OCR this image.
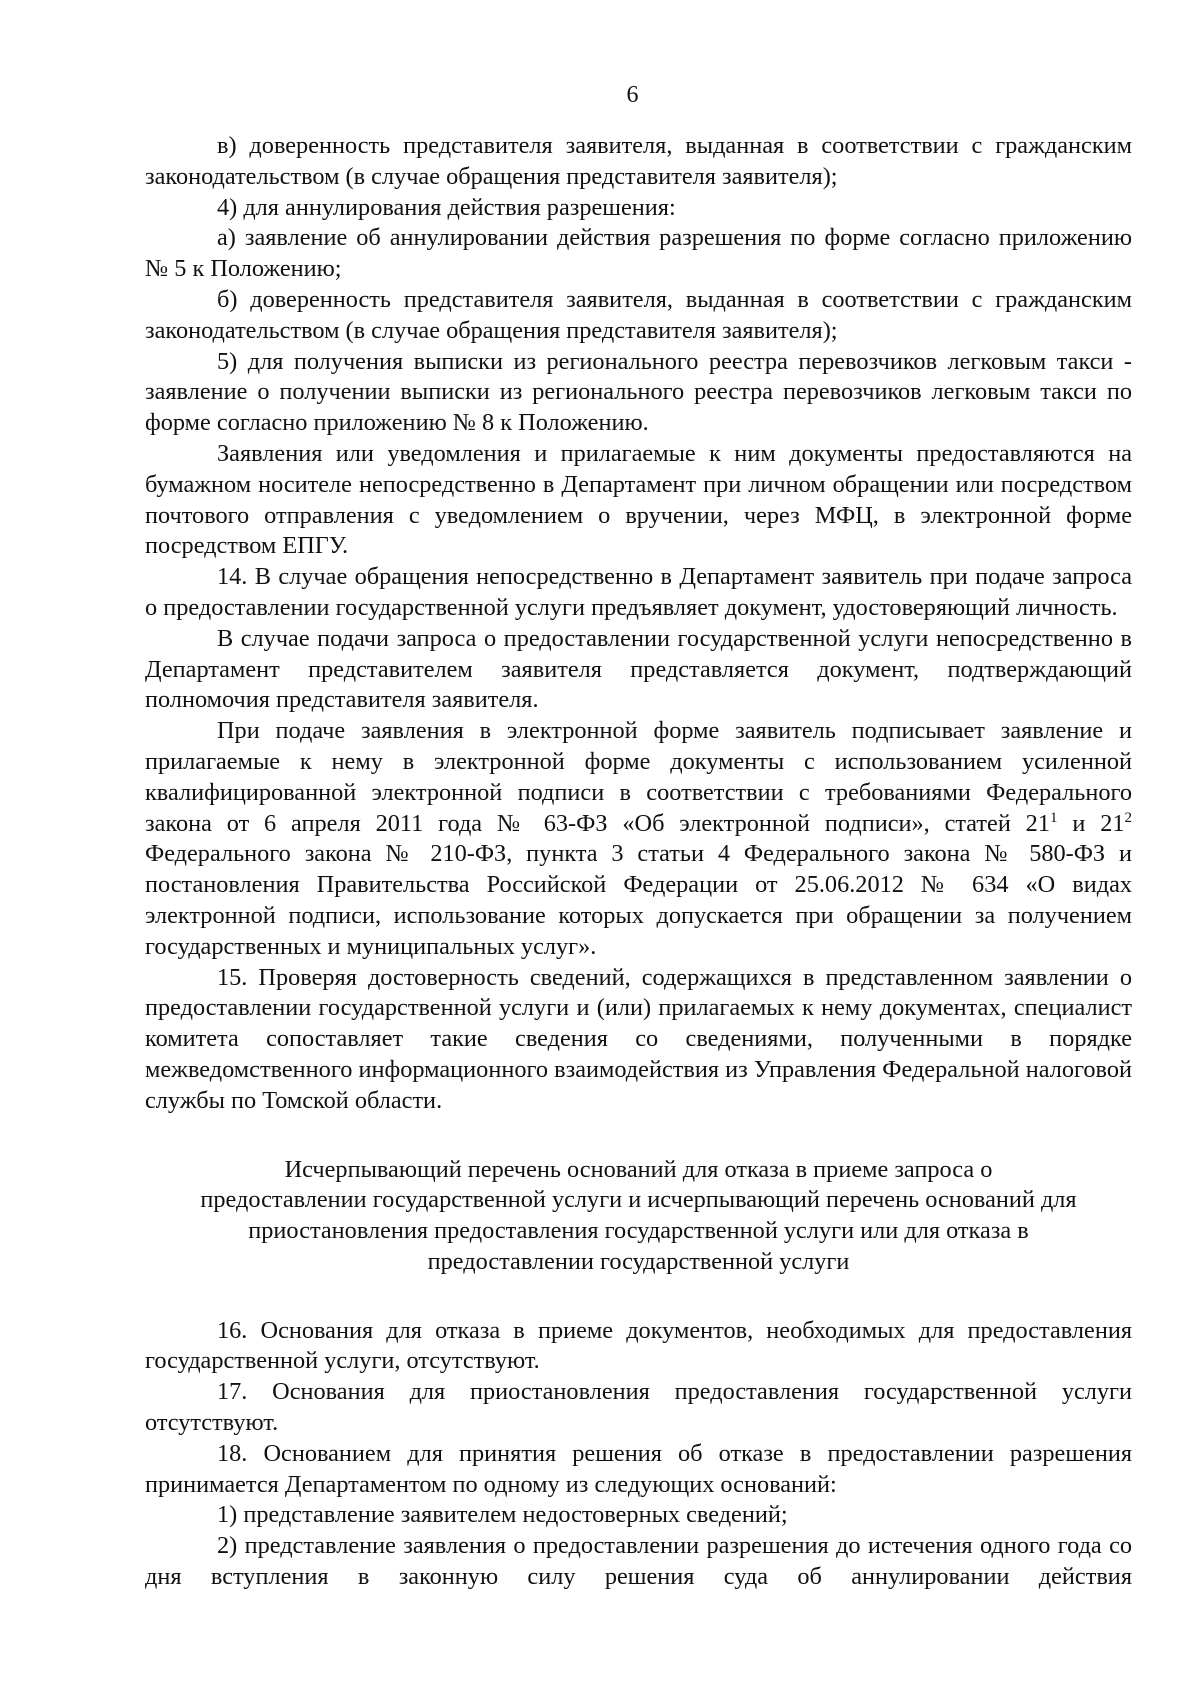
6

в) доверенность представителя заявителя, выданная в соответствии с гражданским законодательством (в случае обращения представителя заявителя);

4) для аннулирования действия разрешения:

а) заявление об аннулировании действия разрешения по форме согласно приложению № 5 к Положению;

б) доверенность представителя заявителя, выданная в соответствии с гражданским законодательством (в случае обращения представителя заявителя);

5) для получения выписки из регионального реестра перевозчиков легковым такси - заявление о получении выписки из регионального реестра перевозчиков легковым такси по форме согласно приложению № 8 к Положению.

Заявления или уведомления и прилагаемые к ним документы предоставляются на бумажном носителе непосредственно в Департамент при личном обращении или посредством почтового отправления с уведомлением о вручении, через МФЦ, в электронной форме посредством ЕПГУ.

14. В случае обращения непосредственно в Департамент заявитель при подаче запроса о предоставлении государственной услуги предъявляет документ, удостоверяющий личность.

В случае подачи запроса о предоставлении государственной услуги непосредственно в Департамент представителем заявителя представляется документ, подтверждающий полномочия представителя заявителя.

При подаче заявления в электронной форме заявитель подписывает заявление и прилагаемые к нему в электронной форме документы с использованием усиленной квалифицированной электронной подписи в соответствии с требованиями Федерального закона от 6 апреля 2011 года № 63-ФЗ «Об электронной подписи», статей $21^1$ и $21^2$ Федерального закона № 210-ФЗ, пункта 3 статьи 4 Федерального закона № 580-ФЗ и постановления Правительства Российской Федерации от 25.06.2012 № 634 «О видах электронной подписи, использование которых допускается при обращении за получением государственных и муниципальных услуг».

15. Проверяя достоверность сведений, содержащихся в представленном заявлении о предоставлении государственной услуги и (или) прилагаемых к нему документах, специалист комитета сопоставляет такие сведения со сведениями, полученными в порядке межведомственного информационного взаимодействия из Управления Федеральной налоговой службы по Томской области.

Исчерпывающий перечень оснований для отказа в приеме запроса о
предоставлении государственной услуги и исчерпывающий перечень оснований для
приостановления предоставления государственной услуги или для отказа в
предоставлении государственной услуги

16. Основания для отказа в приеме документов, необходимых для предоставления государственной услуги, отсутствуют.

17. Основания для приостановления предоставления государственной услуги отсутствуют.

18. Основанием для принятия решения об отказе в предоставлении разрешения принимается Департаментом по одному из следующих оснований:

1) представление заявителем недостоверных сведений;

2) представление заявления о предоставлении разрешения до истечения одного года со дня вступления в законную силу решения суда об аннулировании действия
